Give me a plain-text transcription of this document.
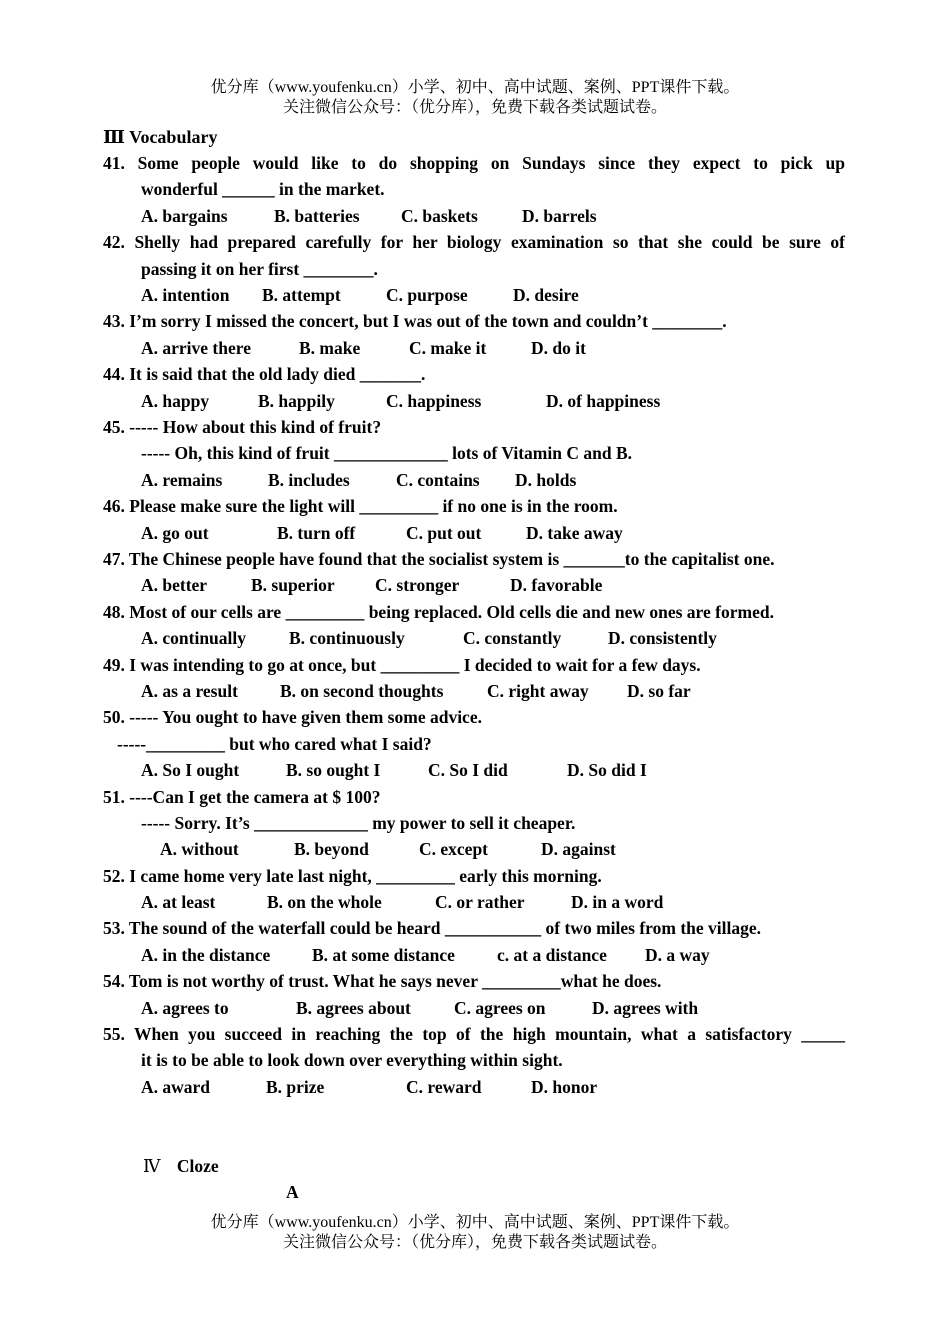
优分库（www.youfenku.cn）小学、初中、高中试题、案例、PPT课件下载。
关注微信公众号：（优分库），免费下载各类试题试卷。
Ⅲ Vocabulary
41. Some people would like to do shopping on Sundays since they expect to pick up
wonderful ______ in the market.
A. bargains	B. batteries C. baskets	D. barrels
42. Shelly had prepared carefully for her biology examination so that she could be sure of
passing it on her first ________.
A. intention B. attempt	C. purpose	D. desire
43. I’m sorry I missed the concert, but I was out of the town and couldn’t ________.
A. arrive there	B. make	C. make it	D. do it
44. It is said that the old lady died _______.
A. happy	B. happily	C. happiness	D. of happiness
45. ----- How about this kind of fruit?
----- Oh, this kind of fruit _____________ lots of Vitamin C and B.
A. remains	B. includes	C. contains D. holds
46. Please make sure the light will _________ if no one is in the room.
A. go out	B. turn off	C. put out	D. take away
47. The Chinese people have found that the socialist system is _______to the capitalist one.
A. better	B. superior C. stronger	D. favorable
48. Most of our cells are _________ being replaced. Old cells die and new ones are formed.
A. continually B. continuously	C. constantly	D. consistently
49. I was intending to go at once, but _________ I decided to wait for a few days.
A. as a result B. on second thoughts C. right away D. so far
50. ----- You ought to have given them some advice.
-----_________ but who cared what I said?
A. So I ought	B. so ought I	C. So I did	D. So did I
51. ----Can I get the camera at $ 100?
----- Sorry. It’s _____________ my power to sell it cheaper.
A. without	B. beyond	C. except	D. against
52. I came home very late last night, _________ early this morning.
A. at least	B. on the whole	C. or rather	D. in a word
53. The sound of the waterfall could be heard ___________ of two miles from the village.
A. in the distance B. at some distance c. at a distance D. a way
54. Tom is not worthy of trust. What he says never _________what he does.
A. agrees to	B. agrees about C. agrees on	D. agrees with
55. When you succeed in reaching the top of the high mountain, what a satisfactory _____
it is to be able to look down over everything within sight.
A. award	B. prize	C. reward	D. honor
Ⅳ Cloze
A
优分库（www.youfenku.cn）小学、初中、高中试题、案例、PPT课件下载。
关注微信公众号：（优分库），免费下载各类试题试卷。
